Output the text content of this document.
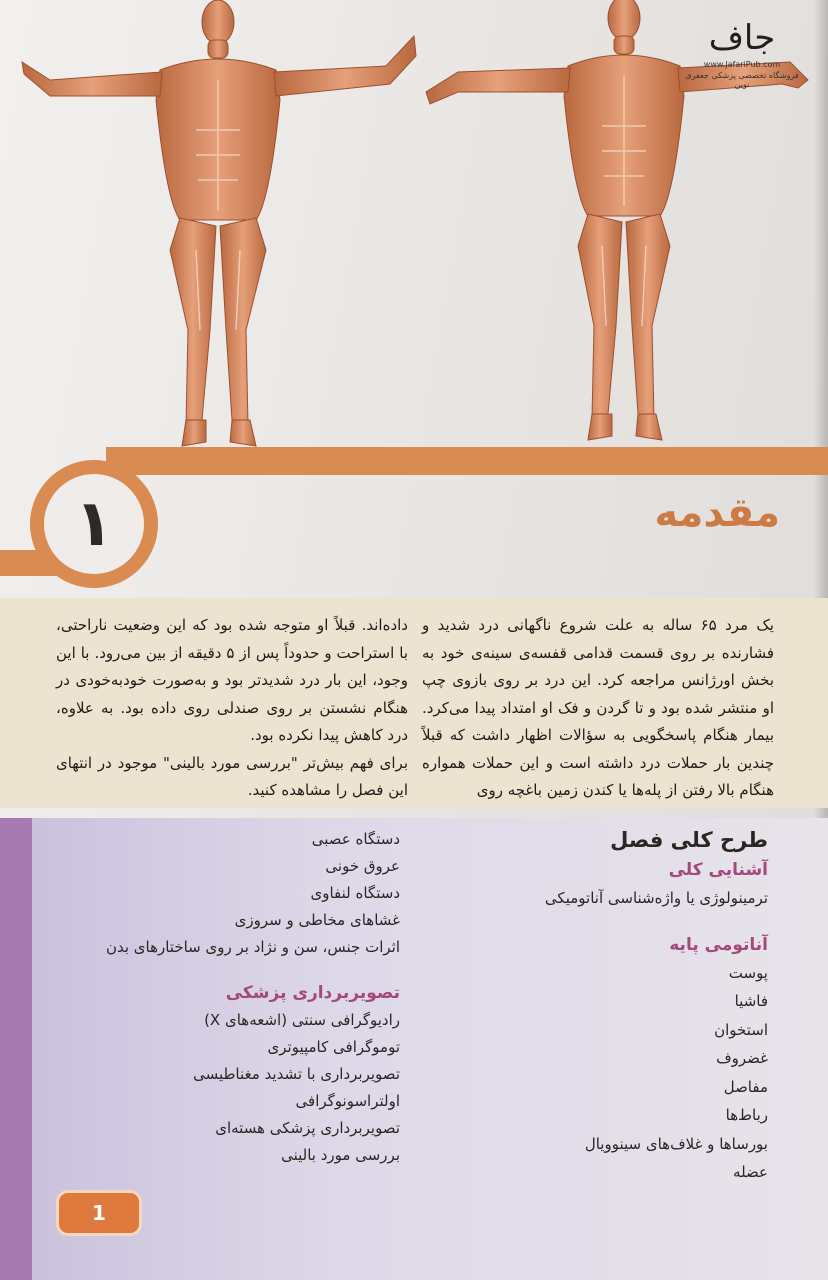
جاف
www.JafariPub.com
فروشگاه تخصصی پزشکی جعفری نوین
۱	مقدمه

یک مرد ۶۵ ساله به علت شروع ناگهانی درد شدید و فشارنده بر روی قسمت قدامی قفسه‌ی سینه‌ی خود به بخش اورژانس مراجعه کرد. این درد بر روی بازوی چپ او منتشر شده بود و تا گردن و فک او امتداد پیدا می‌کرد. بیمار هنگام پاسخگویی به سؤالات اظهار داشت که قبلاً چندین بار حملات درد داشته است و این حملات همواره هنگام بالا رفتن از پله‌ها یا کندن زمین باغچه روی

داده‌اند. قبلاً او متوجه شده بود که این وضعیت ناراحتی، با استراحت و حدوداً پس از ۵ دقیقه از بین می‌رود. با این وجود، این بار درد شدیدتر بود و به‌صورت خودبه‌خودی در هنگام نشستن بر روی صندلی روی داده بود. به علاوه، درد کاهش پیدا نکرده بود.

برای فهم بیش‌تر "بررسی مورد بالینی" موجود در انتهای این فصل را مشاهده کنید.

طرح کلی فصل
آشنایی کلی
ترمینولوژی یا واژه‌شناسی آناتومیکی
آناتومی پایه
پوست
فاشیا
استخوان
غضروف
مفاصل
رباط‌ها
بورساها و غلاف‌های سینوویال
عضله
دستگاه عصبی
عروق خونی
دستگاه لنفاوی
غشاهای مخاطی و سروزی
اثرات جنس، سن و نژاد بر روی ساختارهای بدن
تصویربرداری پزشکی
رادیوگرافی سنتی (اشعه‌های X)
توموگرافی کامپیوتری
تصویربرداری با تشدید مغناطیسی
اولتراسونوگرافی
تصویربرداری پزشکی هسته‌ای
بررسی مورد بالینی
1
